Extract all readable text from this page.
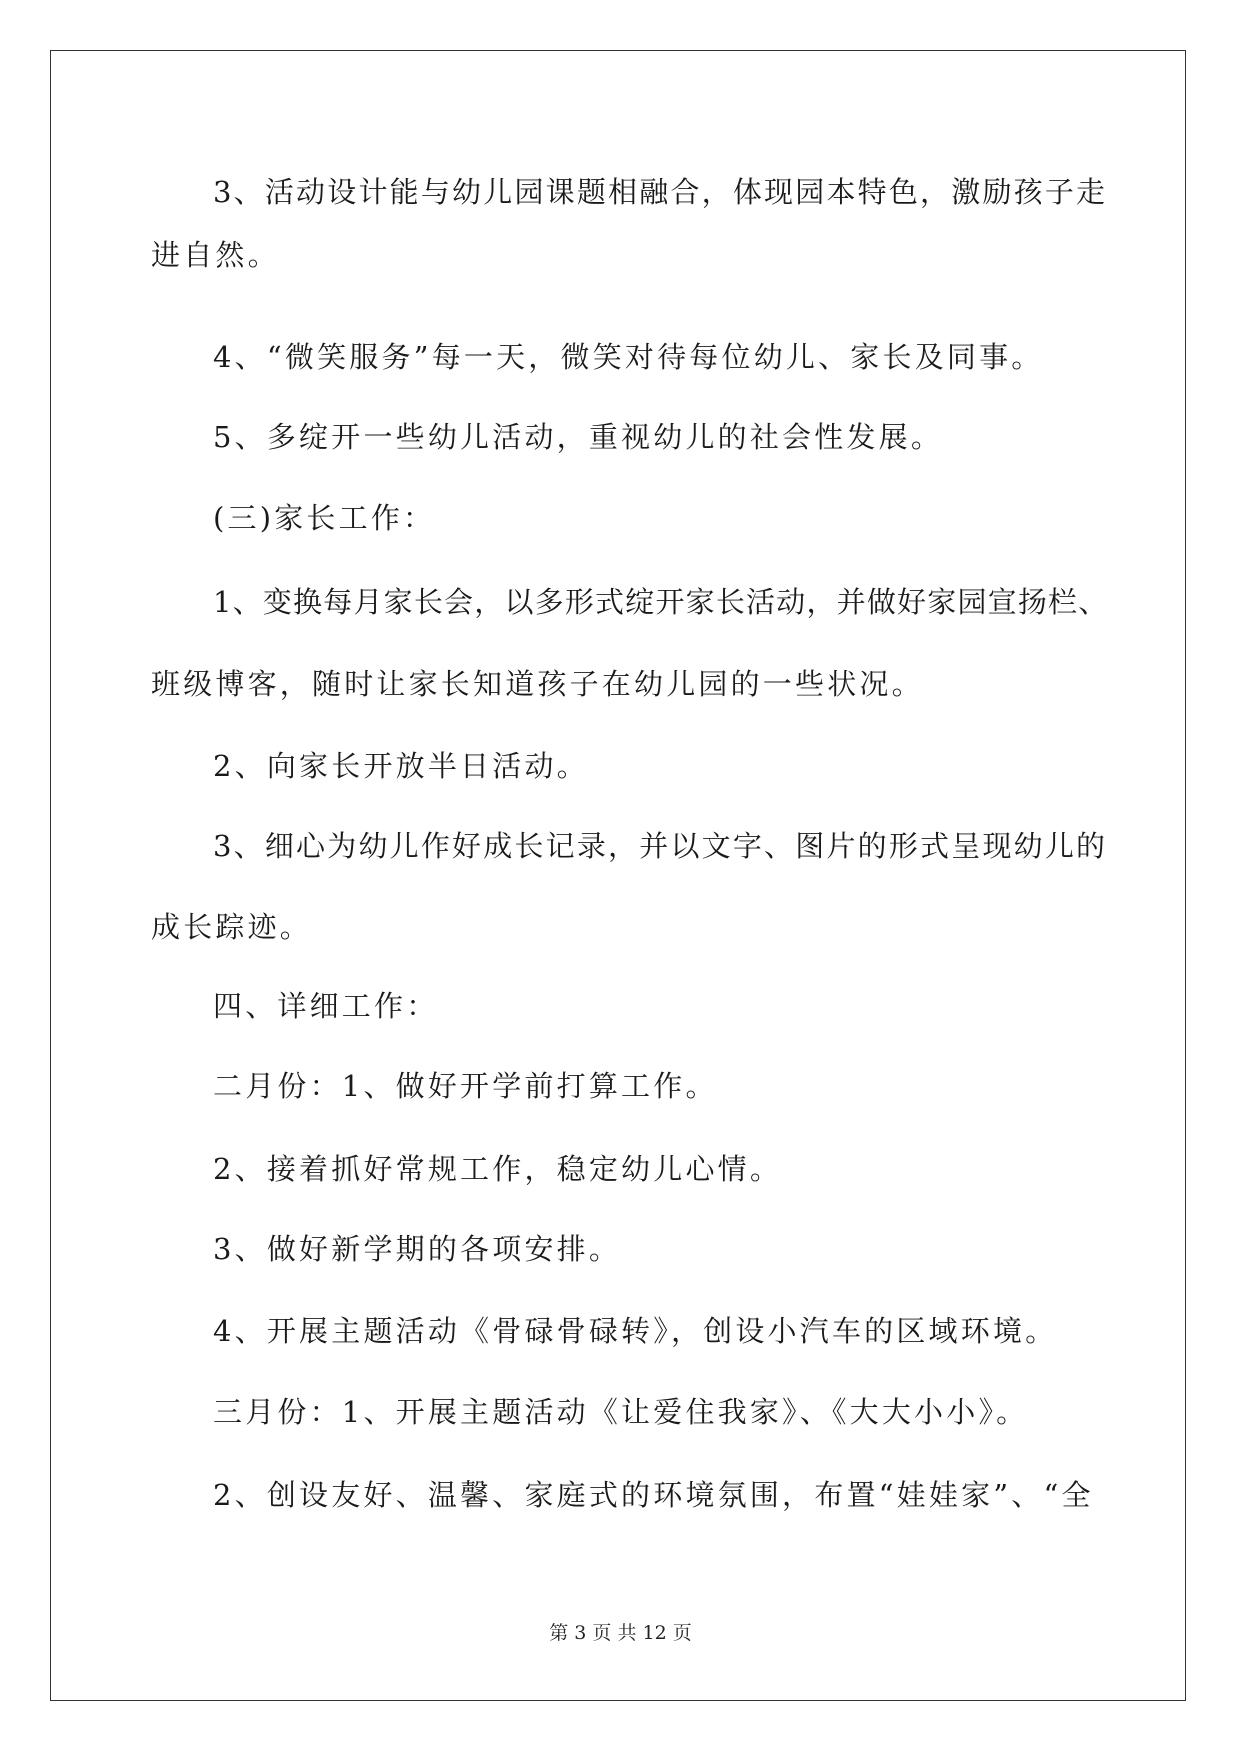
3、活动设计能与幼儿园课题相融合，体现园本特色，激励孩子走
进自然。
4、“微笑服务”每一天，微笑对待每位幼儿、家长及同事。
5、多绽开一些幼儿活动，重视幼儿的社会性发展。
(三)家长工作：
1、变换每月家长会，以多形式绽开家长活动，并做好家园宣扬栏、
班级博客，随时让家长知道孩子在幼儿园的一些状况。
2、向家长开放半日活动。
3、细心为幼儿作好成长记录，并以文字、图片的形式呈现幼儿的
成长踪迹。
四、详细工作：
二月份：1、做好开学前打算工作。
2、接着抓好常规工作，稳定幼儿心情。
3、做好新学期的各项安排。
4、开展主题活动《骨碌骨碌转》，创设小汽车的区域环境。
三月份：1、开展主题活动《让爱住我家》、《大大小小》。
2、创设友好、温馨、家庭式的环境氛围，布置“娃娃家”、“全
第 3 页 共 12 页
